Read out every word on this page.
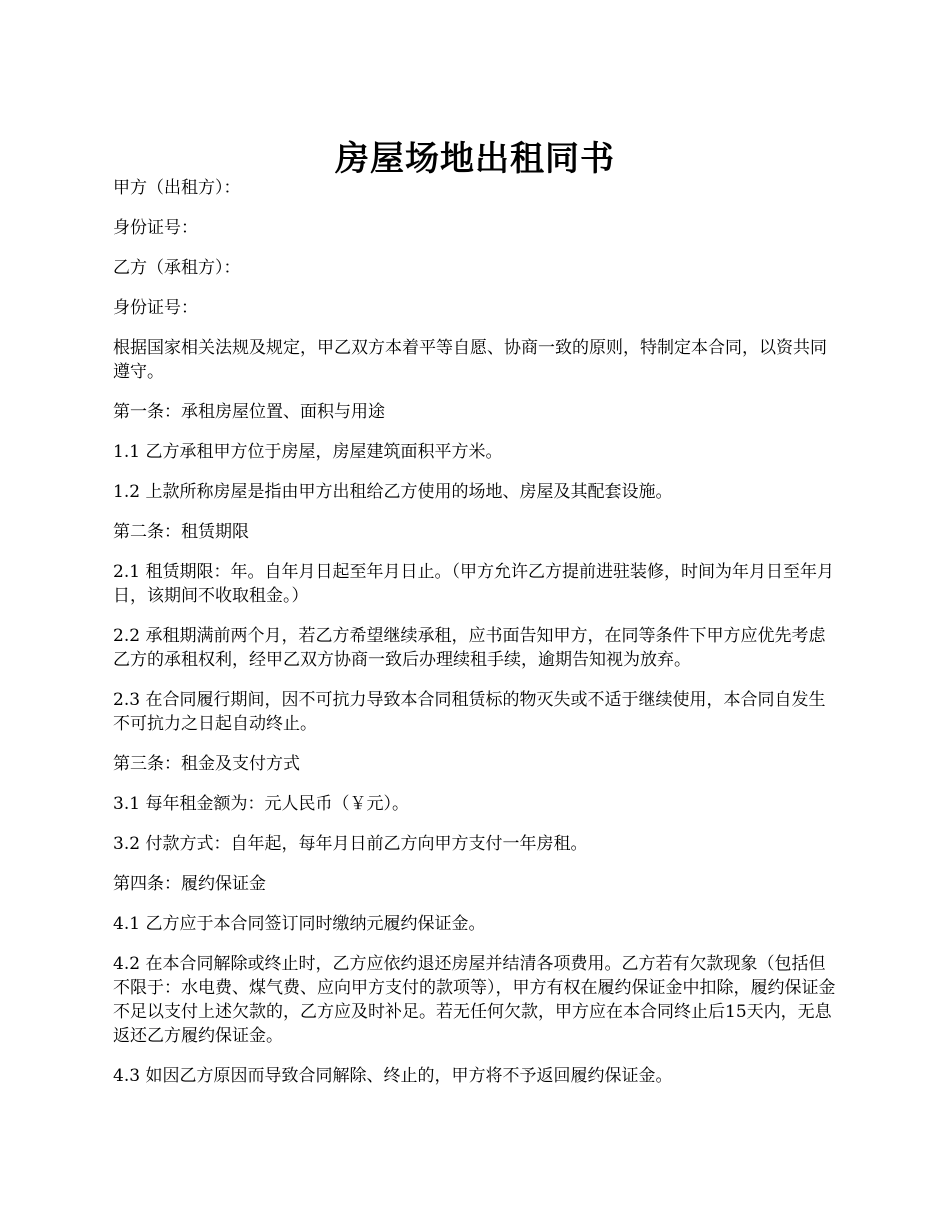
房屋场地出租同书

甲方（出租方）：

身份证号：

乙方（承租方）：

身份证号：

根据国家相关法规及规定，甲乙双方本着平等自愿、协商一致的原则，特制定本合同，以资共同遵守。

第一条：承租房屋位置、面积与用途

1.1 乙方承租甲方位于房屋，房屋建筑面积平方米。

1.2 上款所称房屋是指由甲方出租给乙方使用的场地、房屋及其配套设施。

第二条：租赁期限

2.1 租赁期限：年。自年月日起至年月日止。（甲方允许乙方提前进驻装修，时间为年月日至年月日，该期间不收取租金。）

2.2 承租期满前两个月，若乙方希望继续承租，应书面告知甲方，在同等条件下甲方应优先考虑乙方的承租权利，经甲乙双方协商一致后办理续租手续，逾期告知视为放弃。

2.3 在合同履行期间，因不可抗力导致本合同租赁标的物灭失或不适于继续使用，本合同自发生不可抗力之日起自动终止。

第三条：租金及支付方式

3.1 每年租金额为：元人民币（￥元）。

3.2 付款方式：自年起，每年月日前乙方向甲方支付一年房租。

第四条：履约保证金

4.1 乙方应于本合同签订同时缴纳元履约保证金。

4.2 在本合同解除或终止时，乙方应依约退还房屋并结清各项费用。乙方若有欠款现象（包括但不限于：水电费、煤气费、应向甲方支付的款项等），甲方有权在履约保证金中扣除，履约保证金不足以支付上述欠款的，乙方应及时补足。若无任何欠款，甲方应在本合同终止后15天内，无息返还乙方履约保证金。

4.3 如因乙方原因而导致合同解除、终止的，甲方将不予返回履约保证金。
